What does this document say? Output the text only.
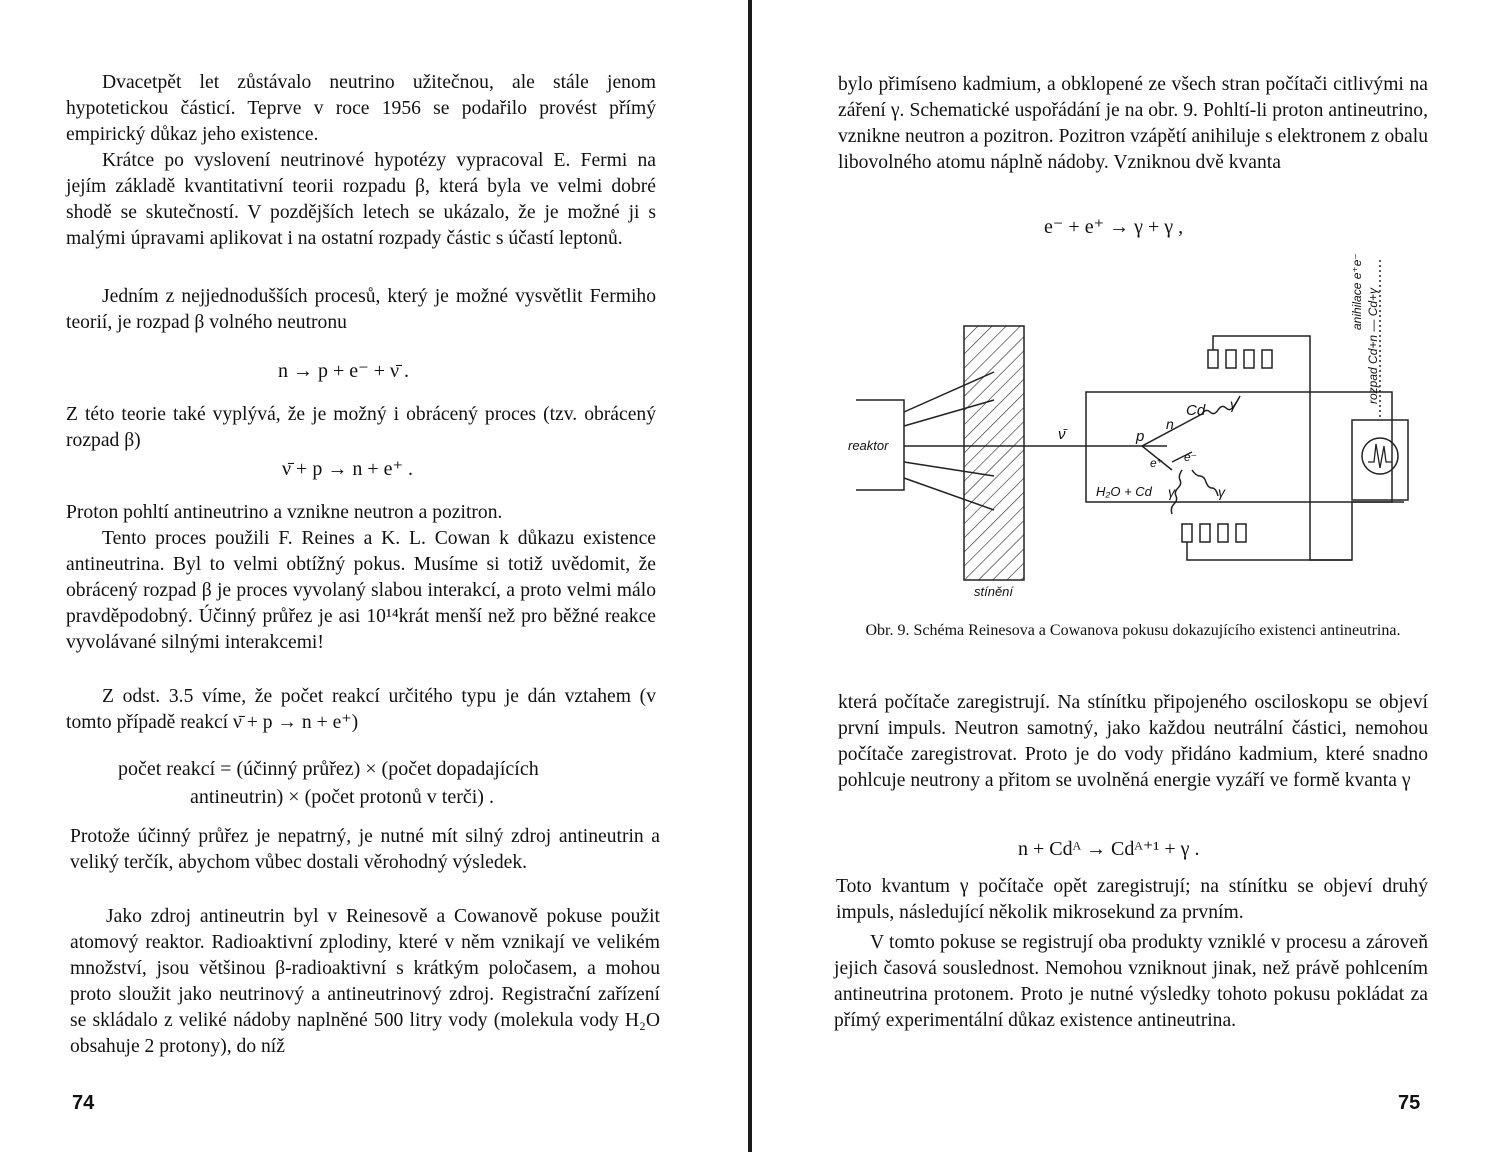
Dvacetpět let zůstávalo neutrino užitečnou, ale stále jenom hypotetickou částicí. Teprve v roce 1956 se podařilo provést přímý empirický důkaz jeho existence.

Krátce po vyslovení neutrinové hypotézy vypracoval E. Fermi na jejím základě kvantitativní teorii rozpadu β, která byla ve velmi dobré shodě se skutečností. V pozdějších letech se ukázalo, že je možné ji s malými úpravami aplikovat i na ostatní rozpady částic s účastí leptonů.

Jedním z nejjednodušších procesů, který je možné vysvětlit Fermiho teorií, je rozpad β volného neutronu

n → p + e⁻ + ν̄ .

Z této teorie také vyplývá, že je možný i obrácený proces (tzv. obrácený rozpad β)

ν̄ + p → n + e⁺ .

Proton pohltí antineutrino a vznikne neutron a pozitron.

Tento proces použili F. Reines a K. L. Cowan k důkazu existence antineutrina. Byl to velmi obtížný pokus. Musíme si totiž uvědomit, že obrácený rozpad β je proces vyvolaný slabou interakcí, a proto velmi málo pravděpodobný. Účinný průřez je asi 10¹⁴krát menší než pro běžné reakce vyvolávané silnými interakcemi!

Z odst. 3.5 víme, že počet reakcí určitého typu je dán vztahem (v tomto případě reakcí ν̄ + p → n + e⁺)

počet reakcí = (účinný průřez) × (počet dopadajících
antineutrin) × (počet protonů v terči) .

Protože účinný průřez je nepatrný, je nutné mít silný zdroj antineutrin a veliký terčík, abychom vůbec dostali věrohodný výsledek.

Jako zdroj antineutrin byl v Reinesově a Cowanově pokuse použit atomový reaktor. Radioaktivní zplodiny, které v něm vznikají ve velikém množství, jsou většinou β-radioaktivní s krátkým poločasem, a mohou proto sloužit jako neutrinový a antineutrinový zdroj. Registrační zařízení se skládalo z veliké nádoby naplněné 500 litry vody (molekula vody H₂O obsahuje 2 protony), do níž

74

bylo přimíseno kadmium, a obklopené ze všech stran počítači citlivými na záření γ. Schematické uspořádání je na obr. 9. Pohltí-li proton antineutrino, vznikne neutron a pozitron. Pozitron vzápětí anihiluje s elektronem z obalu libovolného atomu náplně nádoby. Vzniknou dvě kvanta

e⁻ + e⁺ → γ + γ ,
reaktor
stínění
ν̄	p
n
Cd
e⁺ e⁻
γ
γ	γ
H₂O + Cd
anihilace e⁺e⁻ rozpad Cd+n — Cd+γ
Obr. 9. Schéma Reinesova a Cowanova pokusu dokazujícího existenci antineutrina.

která počítače zaregistrují. Na stínítku připojeného osciloskopu se objeví první impuls. Neutron samotný, jako každou neutrální částici, nemohou počítače zaregistrovat. Proto je do vody přidáno kadmium, které snadno pohlcuje neutrony a přitom se uvolněná energie vyzáří ve formě kvanta γ

n + Cdᴬ → Cdᴬ⁺¹ + γ .

Toto kvantum γ počítače opět zaregistrují; na stínítku se objeví druhý impuls, následující několik mikrosekund za prvním.

V tomto pokuse se registrují oba produkty vzniklé v procesu a zároveň jejich časová souslednost. Nemohou vzniknout jinak, než právě pohlcením antineutrina protonem. Proto je nutné výsledky tohoto pokusu pokládat za přímý experimentální důkaz existence antineutrina.

75
